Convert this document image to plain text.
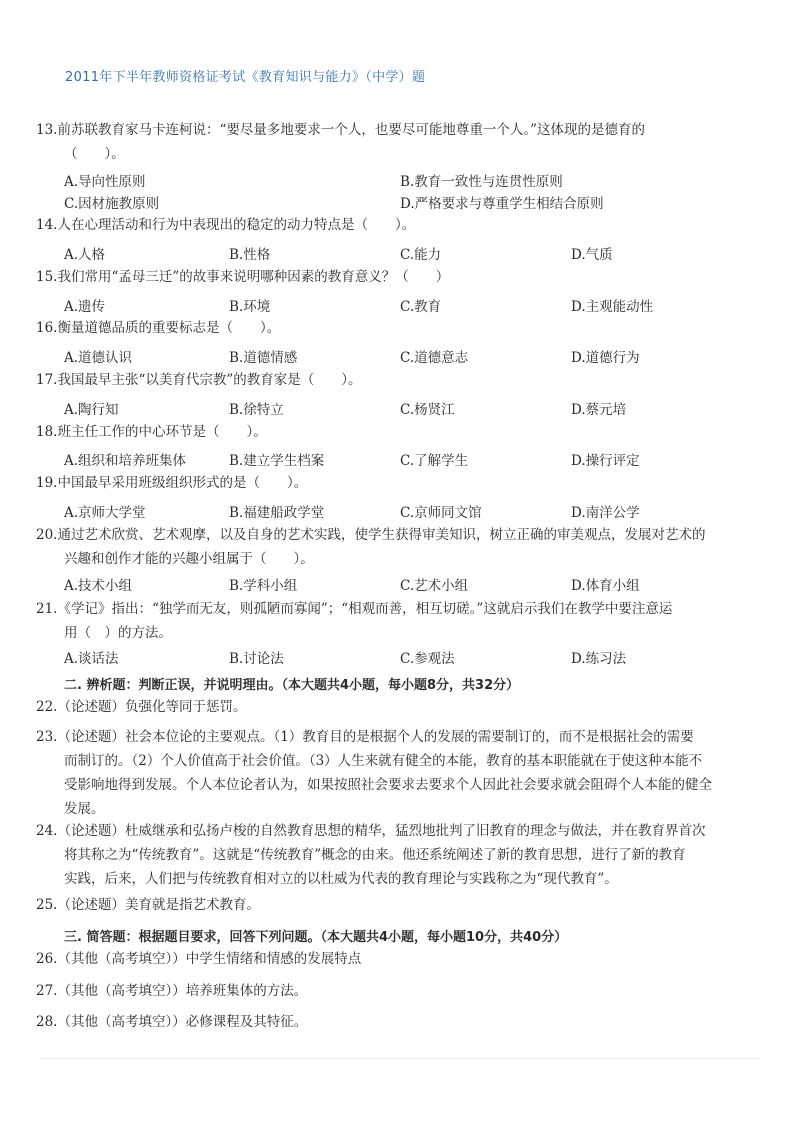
2011年下半年教师资格证考试《教育知识与能力》（中学）题
13.前苏联教育家马卡连柯说：“要尽量多地要求一个人，也要尽可能地尊重一个人。”这体现的是德育的
（　　）。
A.导向性原则	B.教育一致性与连贯性原则
C.因材施教原则	D.严格要求与尊重学生相结合原则
14.人在心理活动和行为中表现出的稳定的动力特点是（　　）。
A.人格	B.性格	C.能力	D.气质
15.我们常用“孟母三迁”的故事来说明哪种因素的教育意义？（　　）
A.遗传	B.环境	C.教育	D.主观能动性
16.衡量道德品质的重要标志是（　　）。
A.道德认识	B.道德情感	C.道德意志	D.道德行为
17.我国最早主张“以美育代宗教”的教育家是（　　）。
A.陶行知	B.徐特立	C.杨贤江	D.蔡元培
18.班主任工作的中心环节是（　　）。
A.组织和培养班集体	B.建立学生档案	C.了解学生	D.操行评定
19.中国最早采用班级组织形式的是（　　）。
A.京师大学堂	B.福建船政学堂	C.京师同文馆	D.南洋公学
20.通过艺术欣赏、艺术观摩，以及自身的艺术实践，使学生获得审美知识，树立正确的审美观点，发展对艺术的
兴趣和创作才能的兴趣小组属于（　　）。
A.技术小组	B.学科小组	C.艺术小组	D.体育小组
21.《学记》指出：“独学而无友，则孤陋而寡闻”；“相观而善，相互切磋。”这就启示我们在教学中要注意运
用（　）的方法。
A.谈话法	B.讨论法	C.参观法	D.练习法
二. 辨析题：判断正误，并说明理由。（本大题共4小题，每小题8分，共32分）
22.（论述题）负强化等同于惩罚。
23.（论述题）社会本位论的主要观点。（1）教育目的是根据个人的发展的需要制订的，而不是根据社会的需要
而制订的。（2）个人价值高于社会价值。（3）人生来就有健全的本能，教育的基本职能就在于使这种本能不
受影响地得到发展。个人本位论者认为，如果按照社会要求去要求个人因此社会要求就会阻碍个人本能的健全
发展。
24.（论述题）杜威继承和弘扬卢梭的自然教育思想的精华，猛烈地批判了旧教育的理念与做法，并在教育界首次
将其称之为“传统教育”。这就是“传统教育”概念的由来。他还系统阐述了新的教育思想，进行了新的教育
实践，后来，人们把与传统教育相对立的以杜威为代表的教育理论与实践称之为“现代教育”。
25.（论述题）美育就是指艺术教育。
三. 简答题：根据题目要求，回答下列问题。（本大题共4小题，每小题10分，共40分）
26.（其他（高考填空））中学生情绪和情感的发展特点
27.（其他（高考填空））培养班集体的方法。
28.（其他（高考填空））必修课程及其特征。
